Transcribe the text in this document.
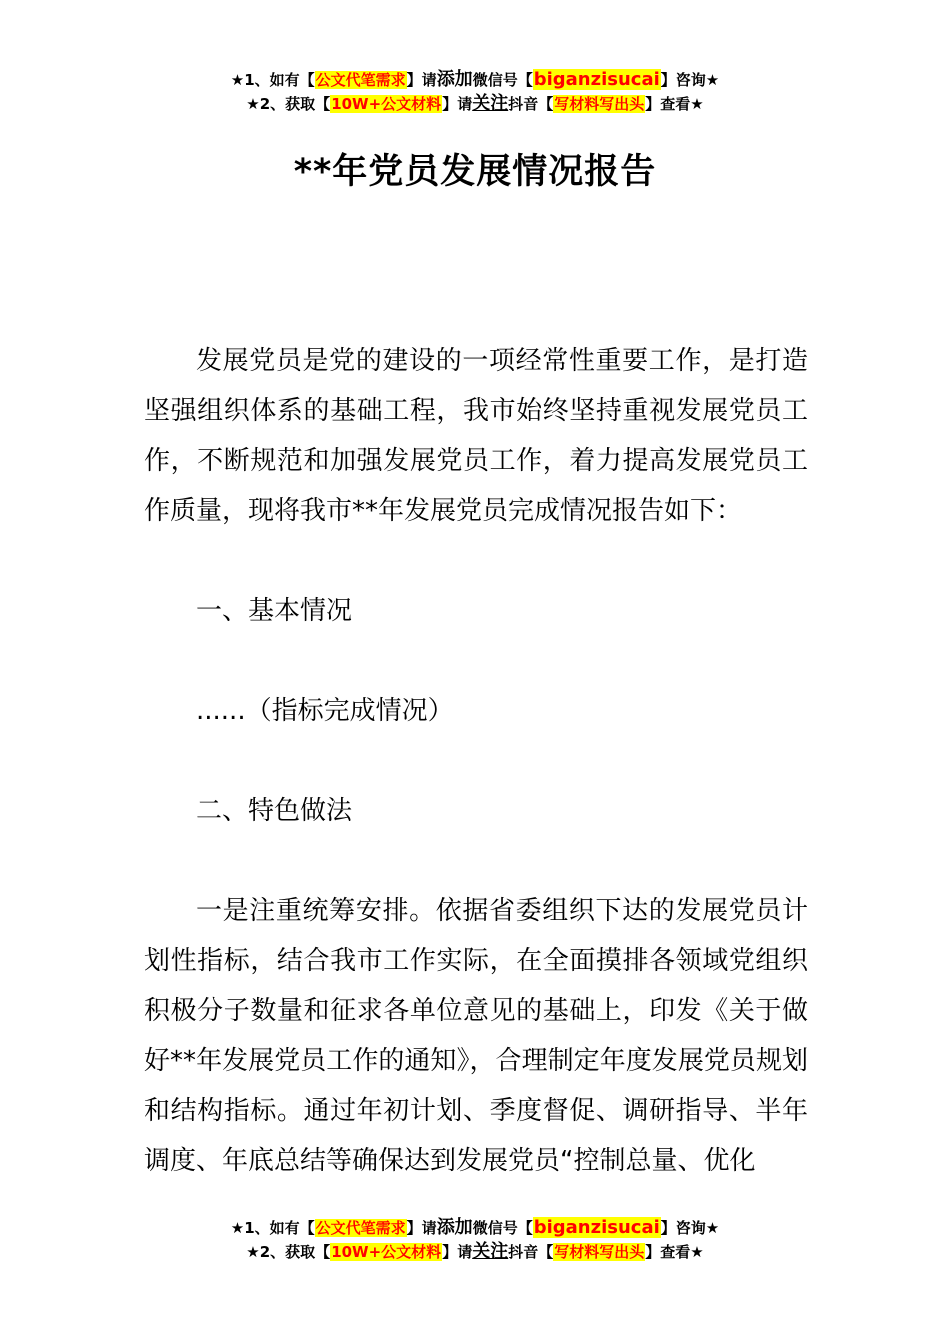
★1、如有【公文代笔需求】请添加微信号【biganzisucai】咨询★
★2、获取【10W+公文材料】请关注抖音【写材料写出头】查看★
**年党员发展情况报告

发展党员是党的建设的一项经常性重要工作，是打造坚强组织体系的基础工程，我市始终坚持重视发展党员工作，不断规范和加强发展党员工作，着力提高发展党员工作质量，现将我市**年发展党员完成情况报告如下：

一、基本情况

......（指标完成情况）

二、特色做法

一是注重统筹安排。依据省委组织下达的发展党员计划性指标，结合我市工作实际，在全面摸排各领域党组织积极分子数量和征求各单位意见的基础上，印发《关于做好**年发展党员工作的通知》，合理制定年度发展党员规划和结构指标。通过年初计划、季度督促、调研指导、半年调度、年底总结等确保达到发展党员“控制总量、优化

★1、如有【公文代笔需求】请添加微信号【biganzisucai】咨询★
★2、获取【10W+公文材料】请关注抖音【写材料写出头】查看★
